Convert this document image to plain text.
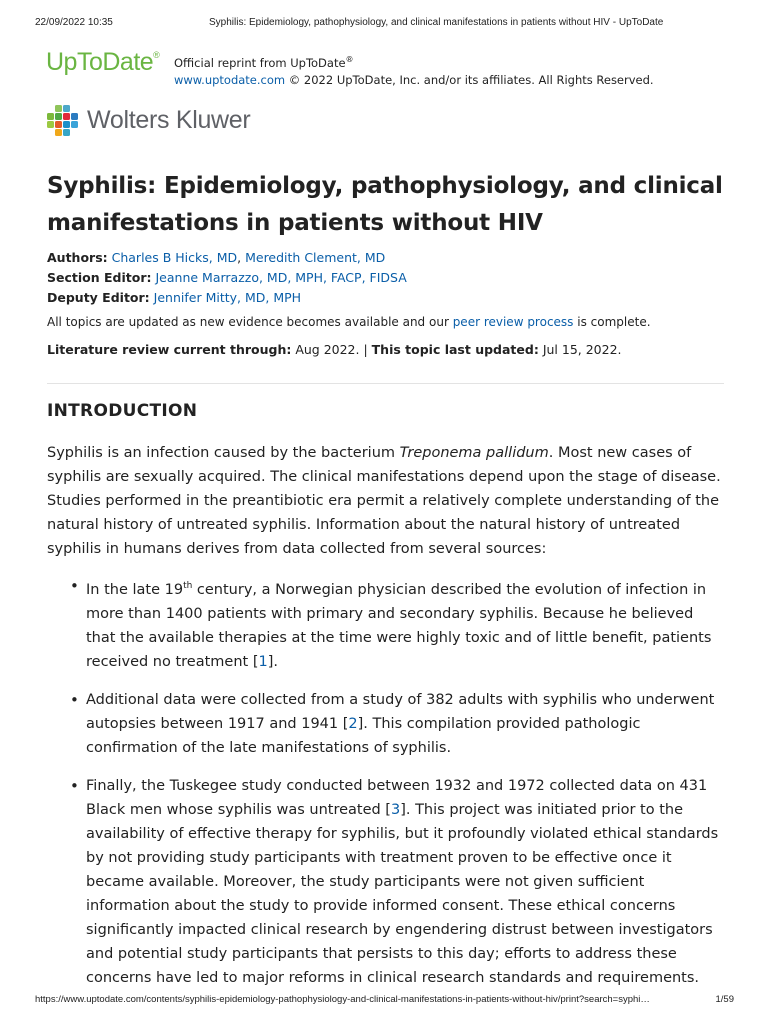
22/09/2022 10:35	Syphilis: Epidemiology, pathophysiology, and clinical manifestations in patients without HIV - UpToDate
UpToDate®
Official reprint from UpToDate®
www.uptodate.com © 2022 UpToDate, Inc. and/or its affiliates. All Rights Reserved.
Wolters Kluwer
Syphilis: Epidemiology, pathophysiology, and clinical manifestations in patients without HIV
Authors: Charles B Hicks, MD, Meredith Clement, MD
Section Editor: Jeanne Marrazzo, MD, MPH, FACP, FIDSA
Deputy Editor: Jennifer Mitty, MD, MPH
All topics are updated as new evidence becomes available and our peer review process is complete.
Literature review current through: Aug 2022. | This topic last updated: Jul 15, 2022.
INTRODUCTION

Syphilis is an infection caused by the bacterium Treponema pallidum. Most new cases of syphilis are sexually acquired. The clinical manifestations depend upon the stage of disease. Studies performed in the preantibiotic era permit a relatively complete understanding of the natural history of untreated syphilis. Information about the natural history of untreated syphilis in humans derives from data collected from several sources:

• In the late 19th century, a Norwegian physician described the evolution of infection in more than 1400 patients with primary and secondary syphilis. Because he believed that the available therapies at the time were highly toxic and of little benefit, patients received no treatment [1].
• Additional data were collected from a study of 382 adults with syphilis who underwent autopsies between 1917 and 1941 [2]. This compilation provided pathologic confirmation of the late manifestations of syphilis.
• Finally, the Tuskegee study conducted between 1932 and 1972 collected data on 431 Black men whose syphilis was untreated [3]. This project was initiated prior to the availability of effective therapy for syphilis, but it profoundly violated ethical standards by not providing study participants with treatment proven to be effective once it became available. Moreover, the study participants were not given sufficient information about the study to provide informed consent. These ethical concerns significantly impacted clinical research by engendering distrust between investigators and potential study participants that persists to this day; efforts to address these concerns have led to major reforms in clinical research standards and requirements.
https://www.uptodate.com/contents/syphilis-epidemiology-pathophysiology-and-clinical-manifestations-in-patients-without-hiv/print?search=syphi…	1/59
